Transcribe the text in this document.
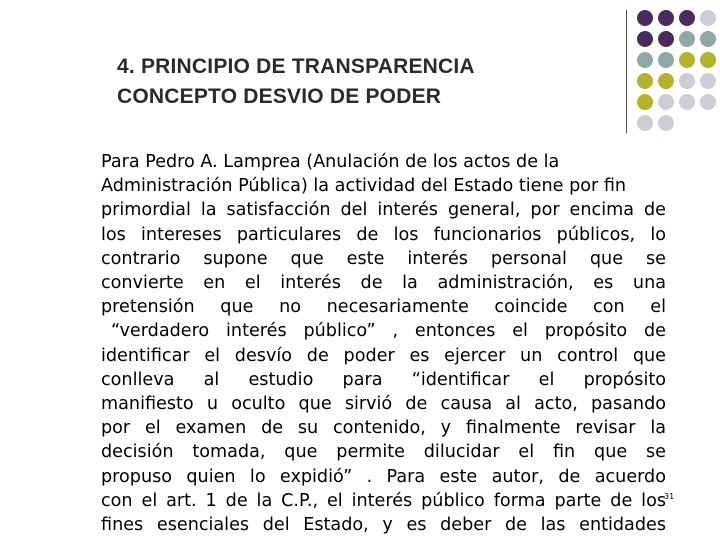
4. PRINCIPIO DE TRANSPARENCIA
CONCEPTO DESVIO DE PODER
Para Pedro A. Lamprea (Anulación de los actos de la
Administración Pública) la actividad del Estado tiene por fin
primordial la satisfacción del interés general, por encima de
los intereses particulares de los funcionarios públicos, lo
contrario supone que este interés personal que se
convierte en el interés de la administración, es una
pretensión que no necesariamente coincide con el
“verdadero interés público” , entonces el propósito de
identificar el desvío de poder es ejercer un control que
conlleva al estudio para “identificar el propósito
manifiesto u oculto que sirvió de causa al acto, pasando
por el examen de su contenido, y finalmente revisar la
decisión tomada, que permite dilucidar el fin que se
propuso quien lo expidió” . Para este autor, de acuerdo
con el art. 1 de la C.P., el interés público forma parte de los
fines esenciales del Estado, y es deber de las entidades
31
